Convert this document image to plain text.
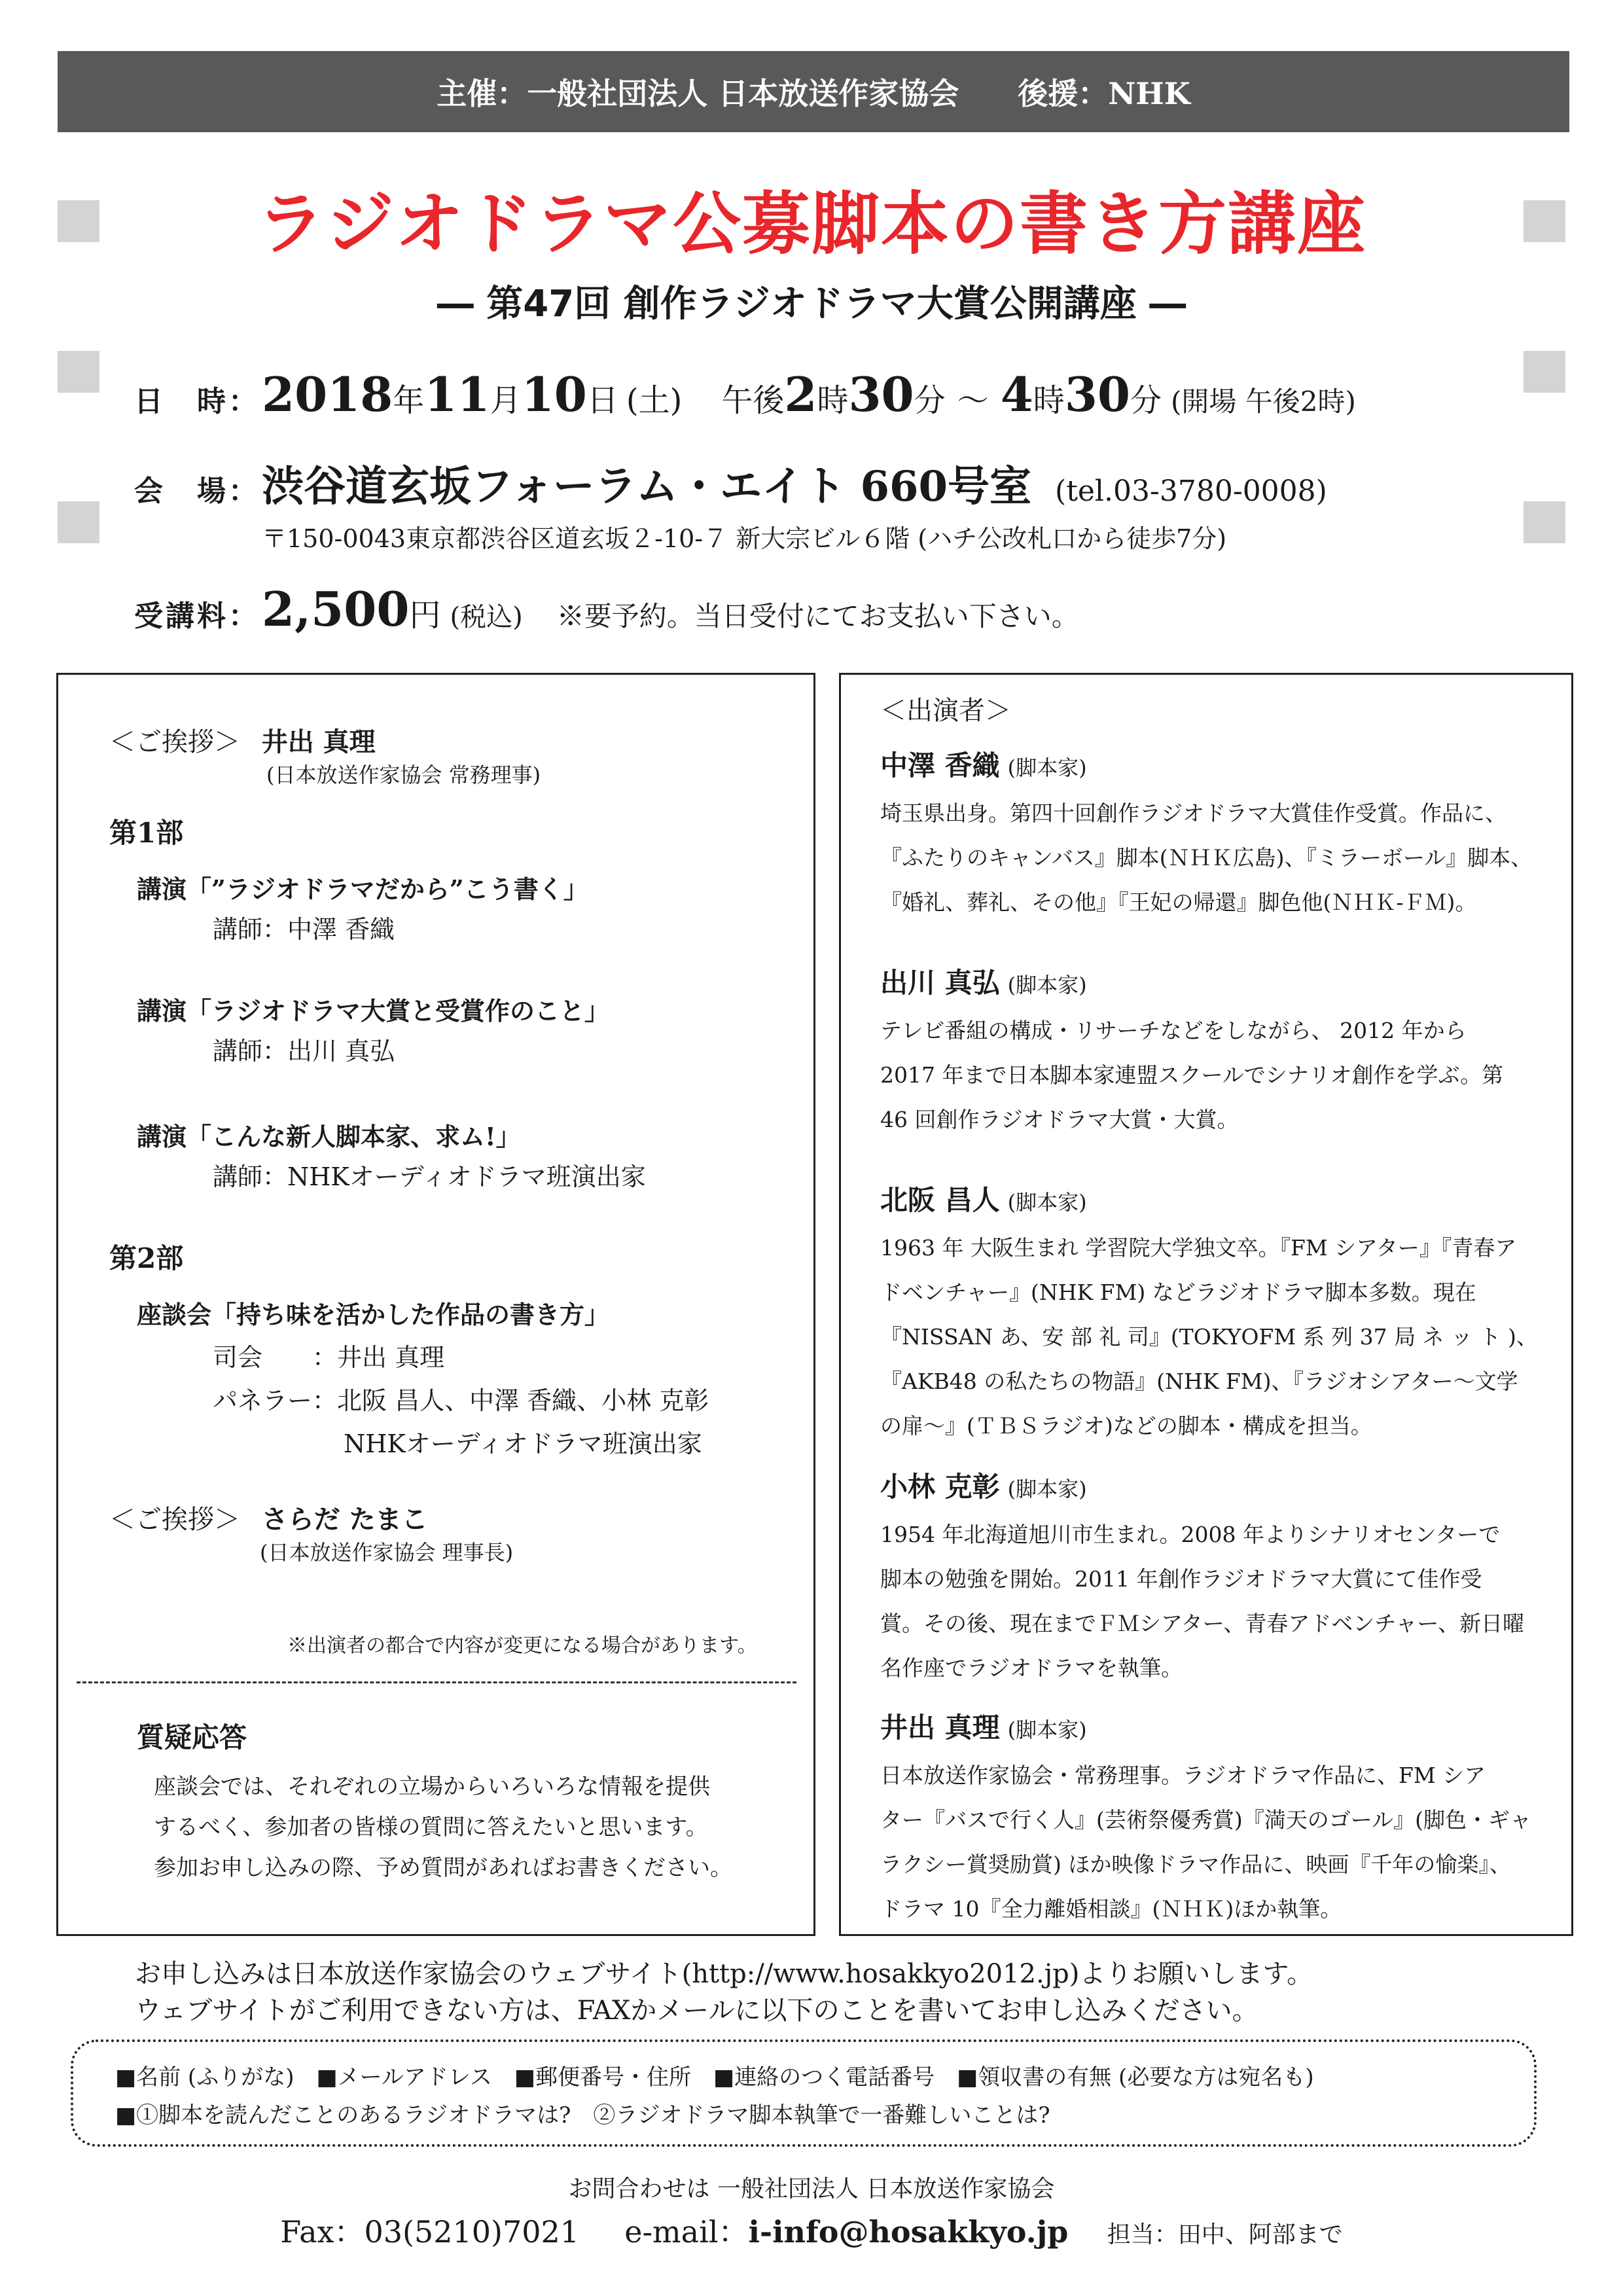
主催：一般社団法人 日本放送作家協会 後援：NHK
ラジオドラマ公募脚本の書き方講座
― 第47回 創作ラジオドラマ大賞公開講座 ―
日　時： 2018 年 11 月 10 日 (土) 午後 2 時 30 分 ～ 4 時 30 分 (開場 午後2時)
会　場： 渋谷道玄坂フォーラム・エイト 660号室 (tel.03-3780-0008)
〒150-0043東京都渋谷区道玄坂２-10-７ 新大宗ビル６階 (ハチ公改札口から徒歩7分)
受講料： 2,500 円 (税込) ※要予約。当日受付にてお支払い下さい。
＜ご挨拶＞ 井出 真理
(日本放送作家協会 常務理事)
第1部
講演「”ラジオドラマだから”こう書く」
講師：中澤 香織
講演「ラジオドラマ大賞と受賞作のこと」
講師：出川 真弘
講演「こんな新人脚本家、求ム!」
講師：NHKオーディオドラマ班演出家
第2部
座談会「持ち味を活かした作品の書き方」
司会　　：井出 真理
パネラー：北阪 昌人、中澤 香織、小林 克彰
NHKオーディオドラマ班演出家
＜ご挨拶＞ さらだ たまこ
(日本放送作家協会 理事長)
※出演者の都合で内容が変更になる場合があります。
質疑応答
座談会では、それぞれの立場からいろいろな情報を提供
するべく、参加者の皆様の質問に答えたいと思います。
参加お申し込みの際、予め質問があればお書きください。
＜出演者＞
中澤 香織 (脚本家)
埼玉県出身。第四十回創作ラジオドラマ大賞佳作受賞。作品に、
『ふたりのキャンバス』脚本(ＮＨＫ広島)、『ミラーボール』脚本、
『婚礼、葬礼、その他』『王妃の帰還』脚色他(ＮＨＫ-ＦＭ)。
出川 真弘 (脚本家)
テレビ番組の構成・リサーチなどをしながら、 2012 年から
2017 年まで日本脚本家連盟スクールでシナリオ創作を学ぶ。第
46 回創作ラジオドラマ大賞・大賞。
北阪 昌人 (脚本家)
1963 年 大阪生まれ 学習院大学独文卒。『FM シアター』『青春ア
ドベンチャー』(NHK FM) などラジオドラマ脚本多数。現在
『NISSAN あ、安 部 礼 司』(TOKYOFM 系 列 37 局 ネ ッ ト )、
『AKB48 の私たちの物語』(NHK FM)、『ラジオシアター～文学
の扉～』(ＴＢＳラジオ)などの脚本・構成を担当。
小林 克彰 (脚本家)
1954 年北海道旭川市生まれ。2008 年よりシナリオセンターで
脚本の勉強を開始。2011 年創作ラジオドラマ大賞にて佳作受
賞。その後、現在までＦＭシアター、青春アドベンチャー、新日曜
名作座でラジオドラマを執筆。
井出 真理 (脚本家)
日本放送作家協会・常務理事。ラジオドラマ作品に、FM シア
ター『バスで行く人』(芸術祭優秀賞)『満天のゴール』(脚色・ギャ
ラクシー賞奨励賞) ほか映像ドラマ作品に、映画『千年の愉楽』、
ドラマ 10『全力離婚相談』(ＮＨＫ)ほか執筆。
お申し込みは日本放送作家協会のウェブサイト(http://www.hosakkyo2012.jp)よりお願いします。
ウェブサイトがご利用できない方は、FAXかメールに以下のことを書いてお申し込みください。
■名前 (ふりがな)　■メールアドレス　■郵便番号・住所　■連絡のつく電話番号　■領収書の有無 (必要な方は宛名も)
■①脚本を読んだことのあるラジオドラマは?　②ラジオドラマ脚本執筆で一番難しいことは?
お問合わせは 一般社団法人 日本放送作家協会
Fax：03(5210)7021 e-mail：i-info@hosakkyo.jp 担当：田中、阿部まで
